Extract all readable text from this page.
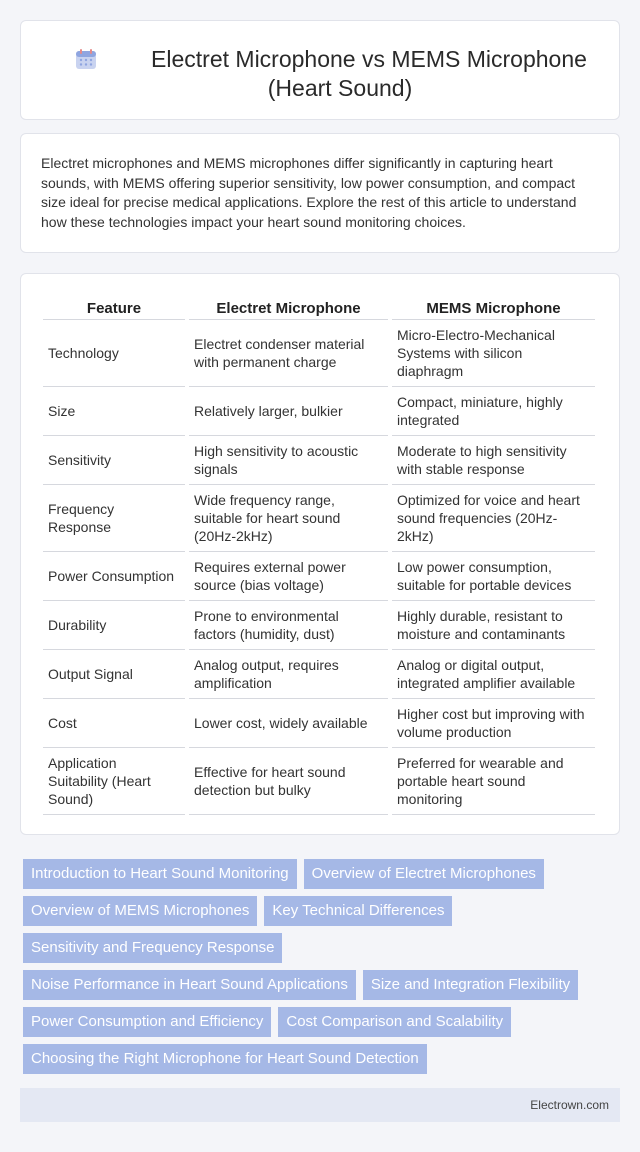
Electret Microphone vs MEMS Microphone
(Heart Sound)

Electret microphones and MEMS microphones differ significantly in capturing heart sounds, with MEMS offering superior sensitivity, low power consumption, and compact size ideal for precise medical applications. Explore the rest of this article to understand how these technologies impact your heart sound monitoring choices.

Feature	Electret Microphone	MEMS Microphone
Technology	Electret condenser material with permanent charge	Micro-Electro-Mechanical Systems with silicon diaphragm
Size	Relatively larger, bulkier	Compact, miniature, highly integrated
Sensitivity	High sensitivity to acoustic signals	Moderate to high sensitivity with stable response
Frequency Response	Wide frequency range, suitable for heart sound (20Hz-2kHz)	Optimized for voice and heart sound frequencies (20Hz-2kHz)
Power Consumption	Requires external power source (bias voltage)	Low power consumption, suitable for portable devices
Durability	Prone to environmental factors (humidity, dust)	Highly durable, resistant to moisture and contaminants
Output Signal	Analog output, requires amplification	Analog or digital output, integrated amplifier available
Cost	Lower cost, widely available	Higher cost but improving with volume production
Application Suitability (Heart Sound)	Effective for heart sound detection but bulky	Preferred for wearable and portable heart sound monitoring
Introduction to Heart Sound Monitoring	Overview of Electret Microphones
Overview of MEMS Microphones	Key Technical Differences
Sensitivity and Frequency Response
Noise Performance in Heart Sound Applications	Size and Integration Flexibility
Power Consumption and Efficiency	Cost Comparison and Scalability
Choosing the Right Microphone for Heart Sound Detection
Electrown.com
